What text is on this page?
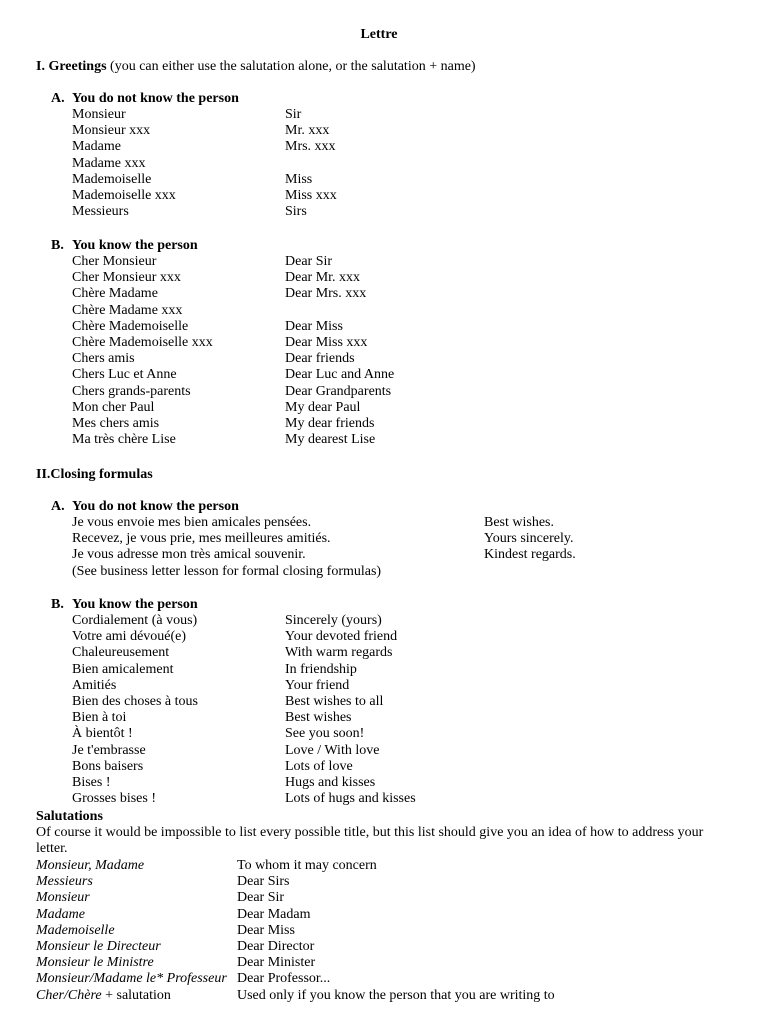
Lettre
I. Greetings (you can either use the salutation alone, or the salutation + name)
A. You do not know the person
Monsieur	Sir
Monsieur xxx	Mr. xxx
Madame	Mrs. xxx
Madame xxx
Mademoiselle	Miss
Mademoiselle xxx	Miss xxx
Messieurs	Sirs
B. You know the person
Cher Monsieur	Dear Sir
Cher Monsieur xxx	Dear Mr. xxx
Chère Madame	Dear Mrs. xxx
Chère Madame xxx
Chère Mademoiselle	Dear Miss
Chère Mademoiselle xxx	Dear Miss xxx
Chers amis	Dear friends
Chers Luc et Anne	Dear Luc and Anne
Chers grands-parents	Dear Grandparents
Mon cher Paul	My dear Paul
Mes chers amis	My dear friends
Ma très chère Lise	My dearest Lise
II.Closing formulas
A. You do not know the person
Je vous envoie mes bien amicales pensées.	Best wishes.
Recevez, je vous prie, mes meilleures amitiés.	Yours sincerely.
Je vous adresse mon très amical souvenir.	Kindest regards.
(See business letter lesson for formal closing formulas)
B. You know the person
Cordialement (à vous)	Sincerely (yours)
Votre ami dévoué(e)	Your devoted friend
Chaleureusement	With warm regards
Bien amicalement	In friendship
Amitiés	Your friend
Bien des choses à tous	Best wishes to all
Bien à toi	Best wishes
À bientôt !	See you soon!
Je t'embrasse	Love / With love
Bons baisers	Lots of love
Bises !	Hugs and kisses
Grosses bises !	Lots of hugs and kisses
Salutations
Of course it would be impossible to list every possible title, but this list should give you an idea of how to address your letter.
Monsieur, Madame	To whom it may concern
Messieurs	Dear Sirs
Monsieur	Dear Sir
Madame	Dear Madam
Mademoiselle	Dear Miss
Monsieur le Directeur	Dear Director
Monsieur le Ministre	Dear Minister
Monsieur/Madame le* Professeur Dear Professor...
Cher/Chère + salutation	Used only if you know the person that you are writing to
